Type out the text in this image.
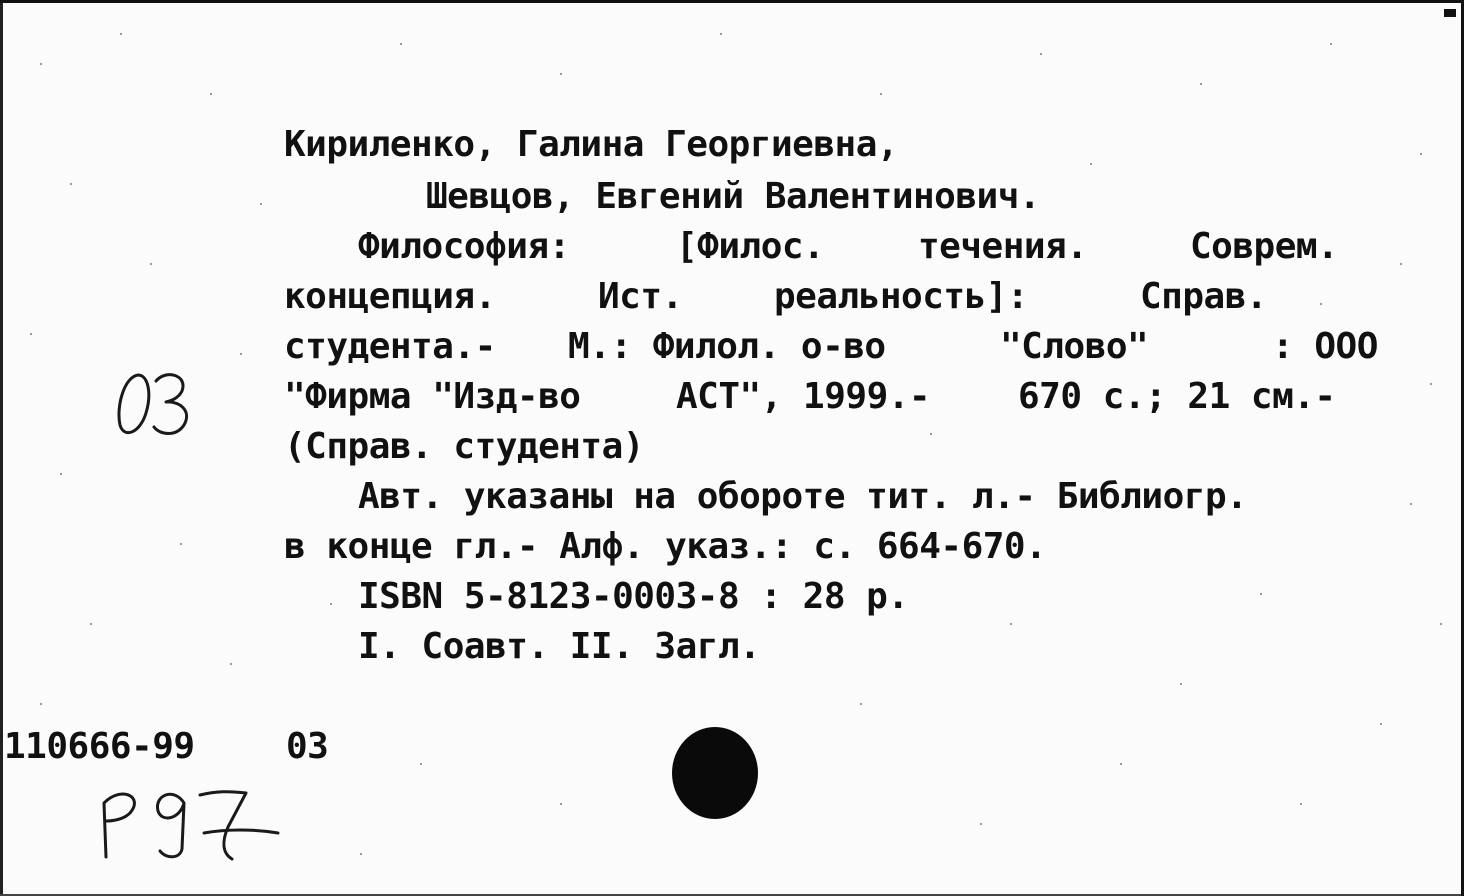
Кириленко, Галина Георгиевна,
Шевцов, Евгений Валентинович.
Философия:	[Филос.	течения.	Соврем.
концепция.	Ист.	реальность]:	Справ.
студента.- М.: Филол. о-во	"Слово"	: ООО
"Фирма "Изд-во	АСТ", 1999.- 670 с.; 21 см.-
(Справ. студента)
Авт. указаны на обороте тит. л.- Библиогр.
в конце гл.- Алф. указ.: с. 664-670.
ISBN 5-8123-0003-8 : 28 р.
I. Соавт. II. Загл.
110666-99	03
